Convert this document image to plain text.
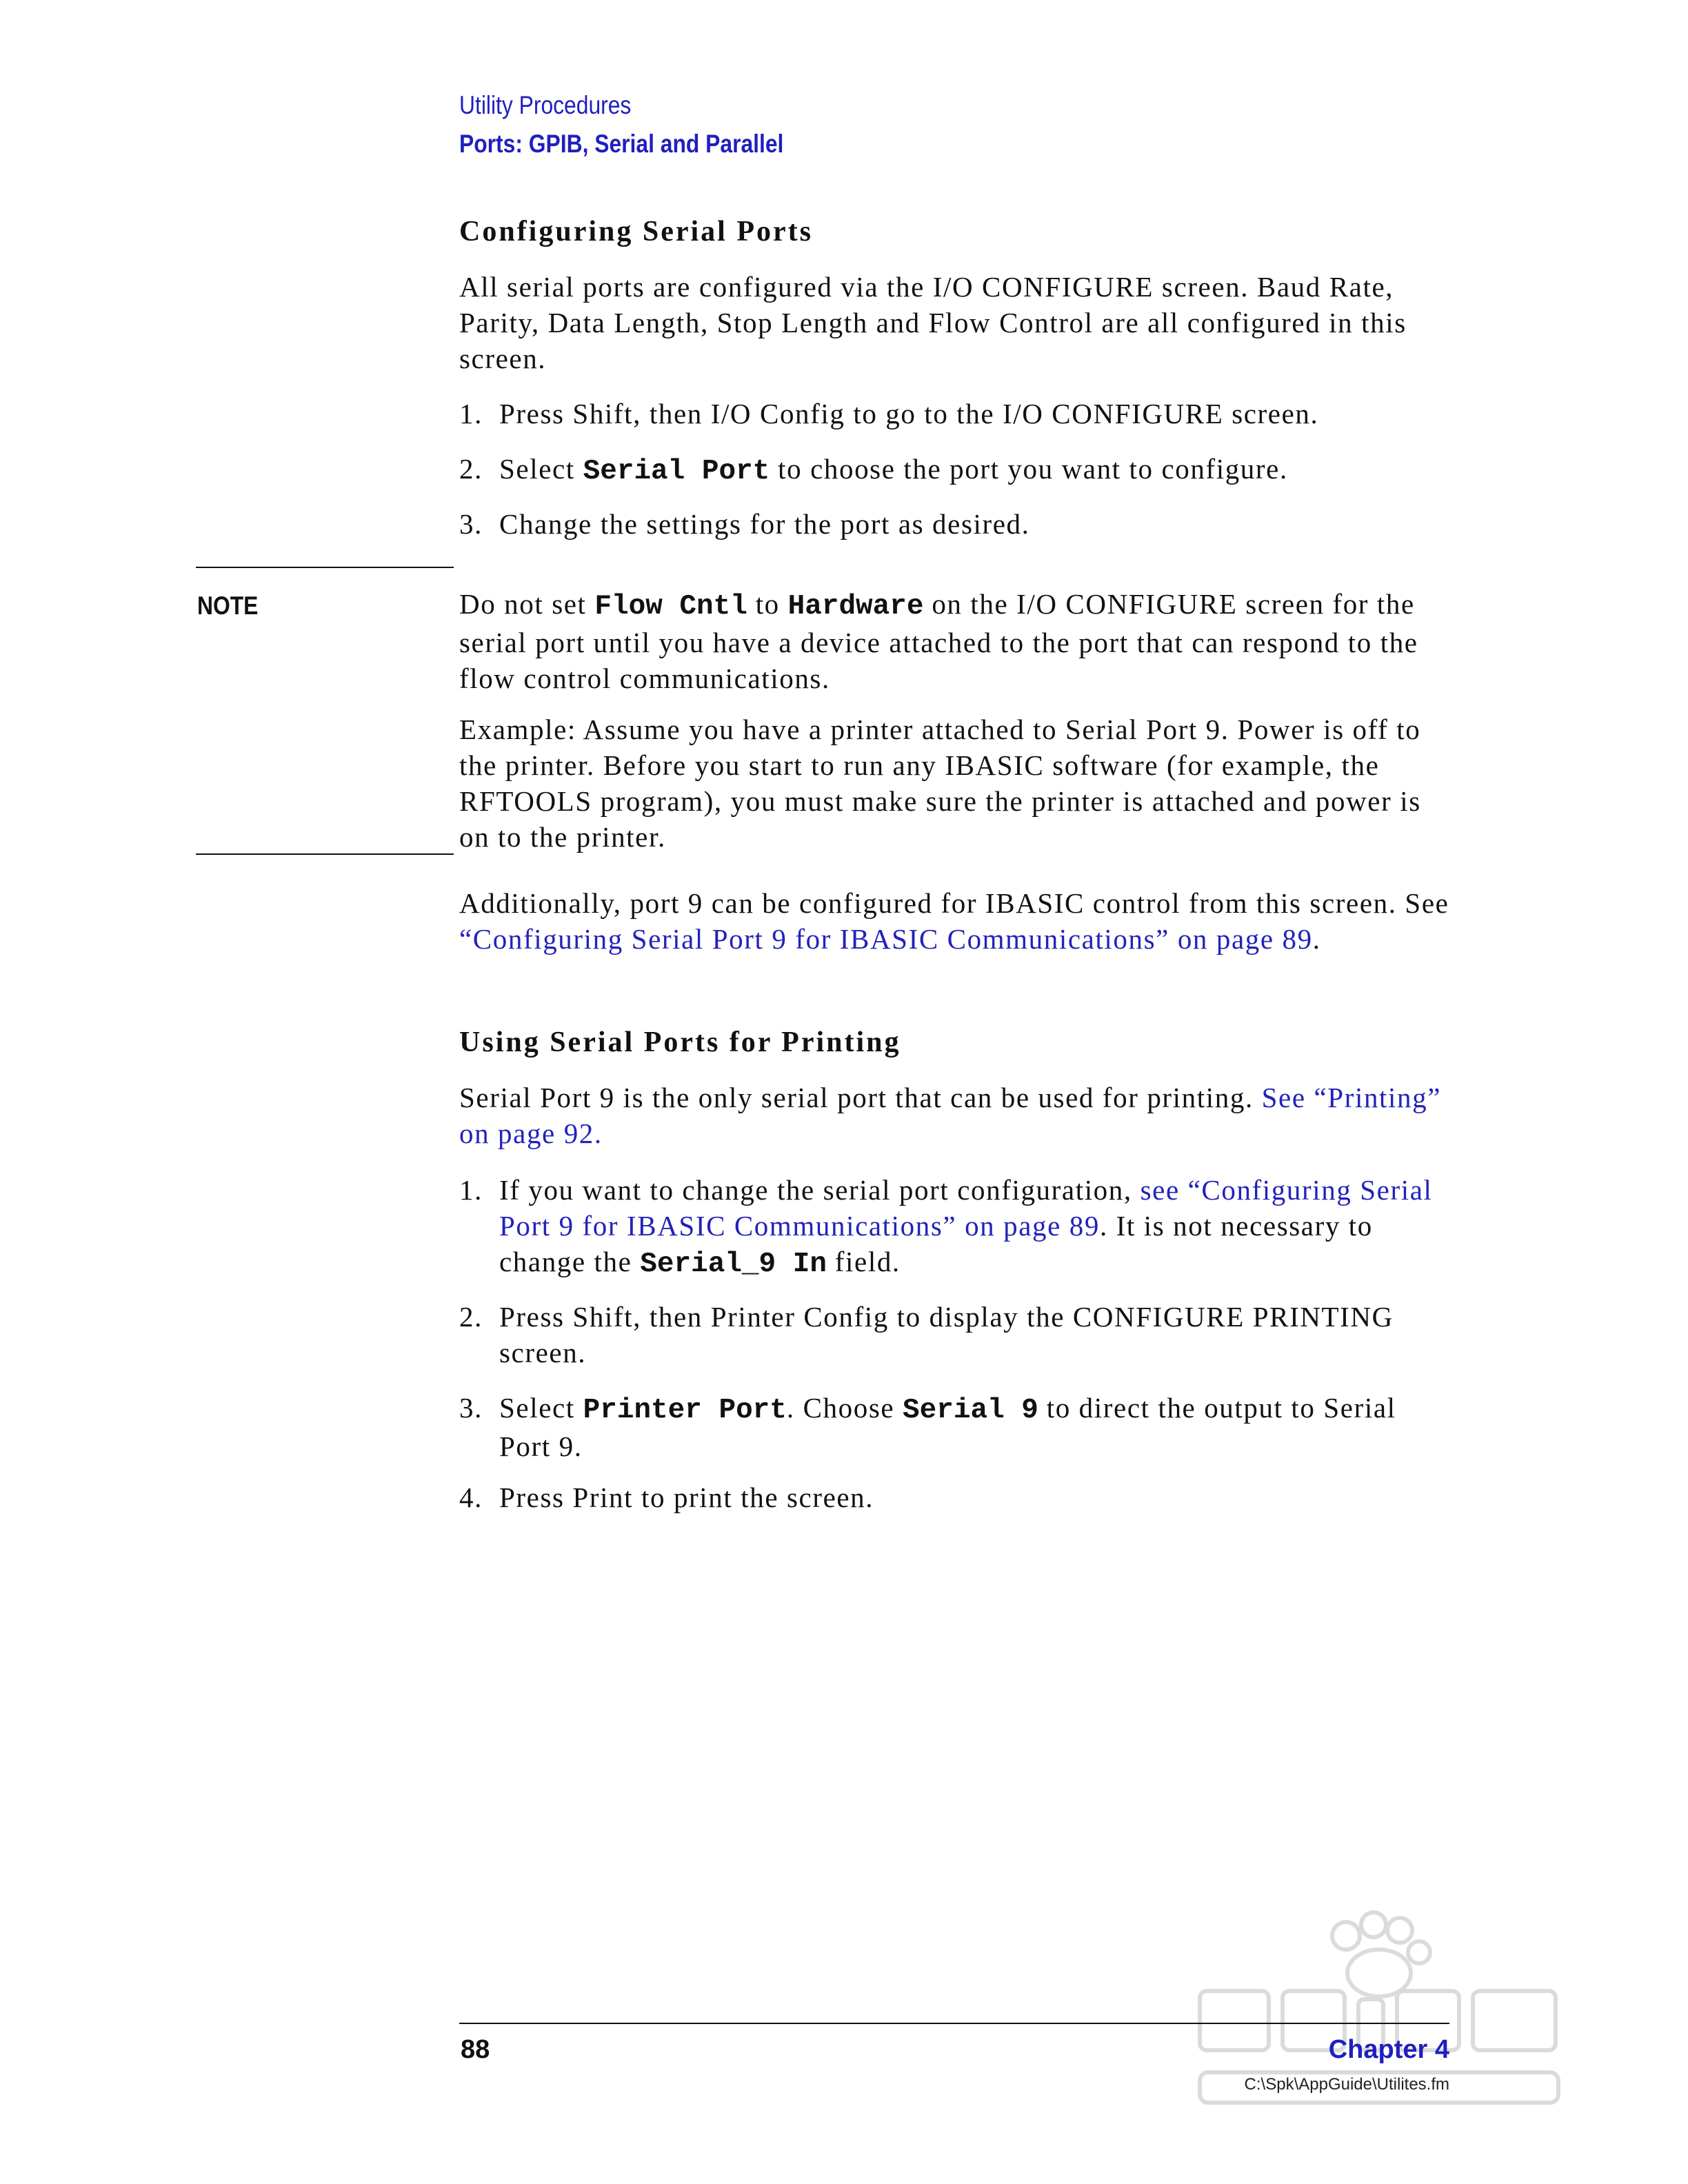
Utility Procedures
Ports: GPIB, Serial and Parallel
Configuring Serial Ports
All serial ports are configured via the I/O CONFIGURE screen. Baud Rate, Parity, Data Length, Stop Length and Flow Control are all configured in this screen.
1. Press Shift, then I/O Config to go to the I/O CONFIGURE screen.
2. Select Serial Port to choose the port you want to configure.
3. Change the settings for the port as desired.
NOTE	Do not set Flow Cntl to Hardware on the I/O CONFIGURE screen for the serial port until you have a device attached to the port that can respond to the flow control communications.
Example: Assume you have a printer attached to Serial Port 9. Power is off to the printer. Before you start to run any IBASIC software (for example, the RFTOOLS program), you must make sure the printer is attached and power is on to the printer.
Additionally, port 9 can be configured for IBASIC control from this screen. See “Configuring Serial Port 9 for IBASIC Communications” on page 89.
Using Serial Ports for Printing
Serial Port 9 is the only serial port that can be used for printing. See “Printing” on page 92.
1. If you want to change the serial port configuration, see “Configuring Serial Port 9 for IBASIC Communications” on page 89. It is not necessary to change the Serial_9 In field.
2. Press Shift, then Printer Config to display the CONFIGURE PRINTING screen.
3. Select Printer Port. Choose Serial 9 to direct the output to Serial Port 9.
4. Press Print to print the screen.
88	Chapter 4
C:\Spk\AppGuide\Utilites.fm
